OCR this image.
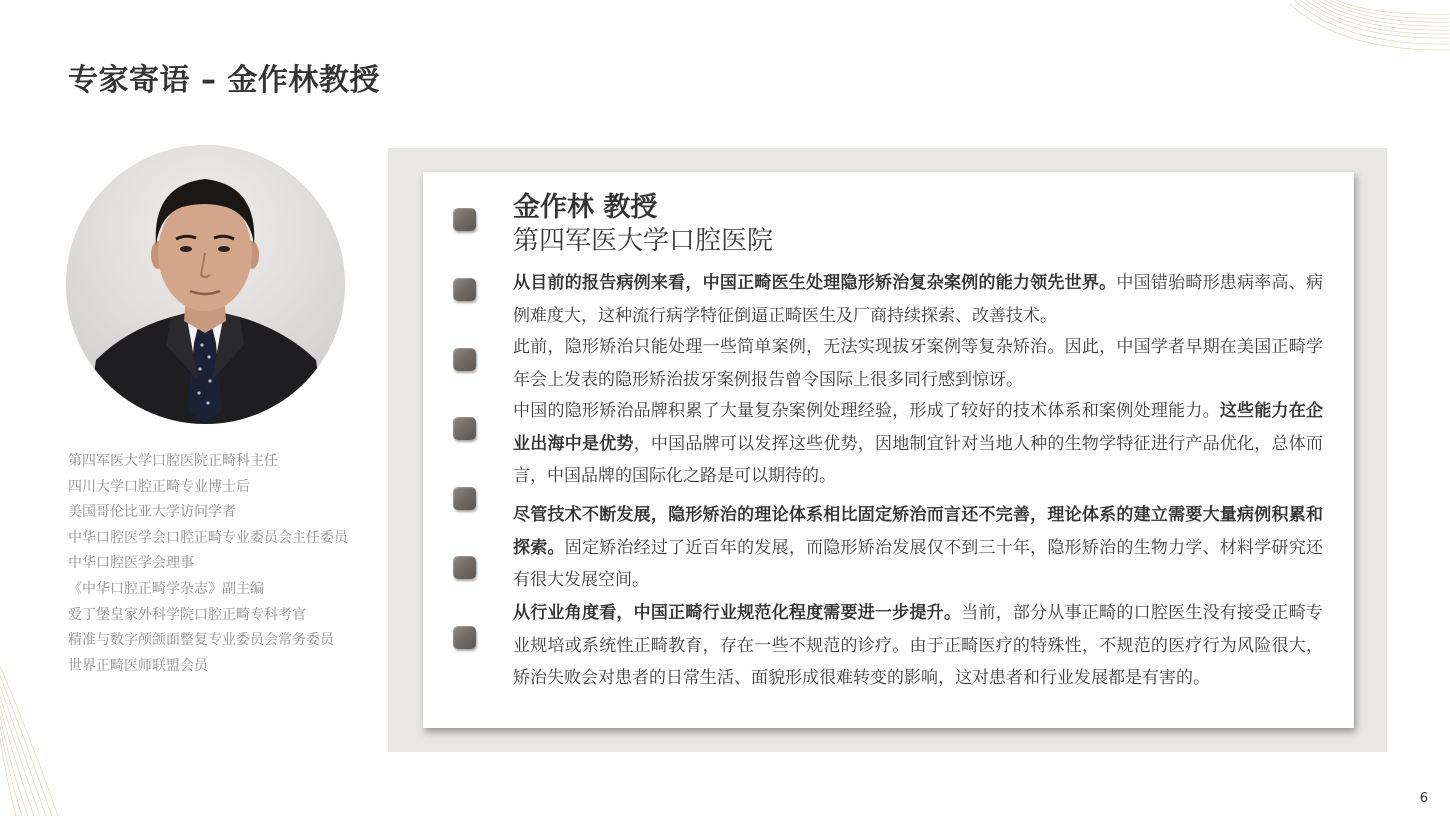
专家寄语 – 金作林教授
第四军医大学口腔医院正畸科主任
四川大学口腔正畸专业博士后
美国哥伦比亚大学访问学者
中华口腔医学会口腔正畸专业委员会主任委员
中华口腔医学会理事
《中华口腔正畸学杂志》副主编
爱丁堡皇家外科学院口腔正畸专科考官
精准与数字颅颌面整复专业委员会常务委员
世界正畸医师联盟会员
金作林 教授

第四军医大学口腔医院

从目前的报告病例来看，中国正畸医生处理隐形矫治复杂案例的能力领先世界。中国错骀畸形患病率高、病例难度大，这种流行病学特征倒逼正畸医生及厂商持续探索、改善技术。

此前，隐形矫治只能处理一些简单案例，无法实现拔牙案例等复杂矫治。因此，中国学者早期在美国正畸学年会上发表的隐形矫治拔牙案例报告曾令国际上很多同行感到惊讶。

中国的隐形矫治品牌积累了大量复杂案例处理经验，形成了较好的技术体系和案例处理能力。这些能力在企业出海中是优势，中国品牌可以发挥这些优势，因地制宜针对当地人种的生物学特征进行产品优化，总体而言，中国品牌的国际化之路是可以期待的。

尽管技术不断发展，隐形矫治的理论体系相比固定矫治而言还不完善，理论体系的建立需要大量病例积累和探索。固定矫治经过了近百年的发展，而隐形矫治发展仅不到三十年，隐形矫治的生物力学、材料学研究还有很大发展空间。

从行业角度看，中国正畸行业规范化程度需要进一步提升。当前，部分从事正畸的口腔医生没有接受正畸专业规培或系统性正畸教育，存在一些不规范的诊疗。由于正畸医疗的特殊性，不规范的医疗行为风险很大，矫治失败会对患者的日常生活、面貌形成很难转变的影响，这对患者和行业发展都是有害的。

6
